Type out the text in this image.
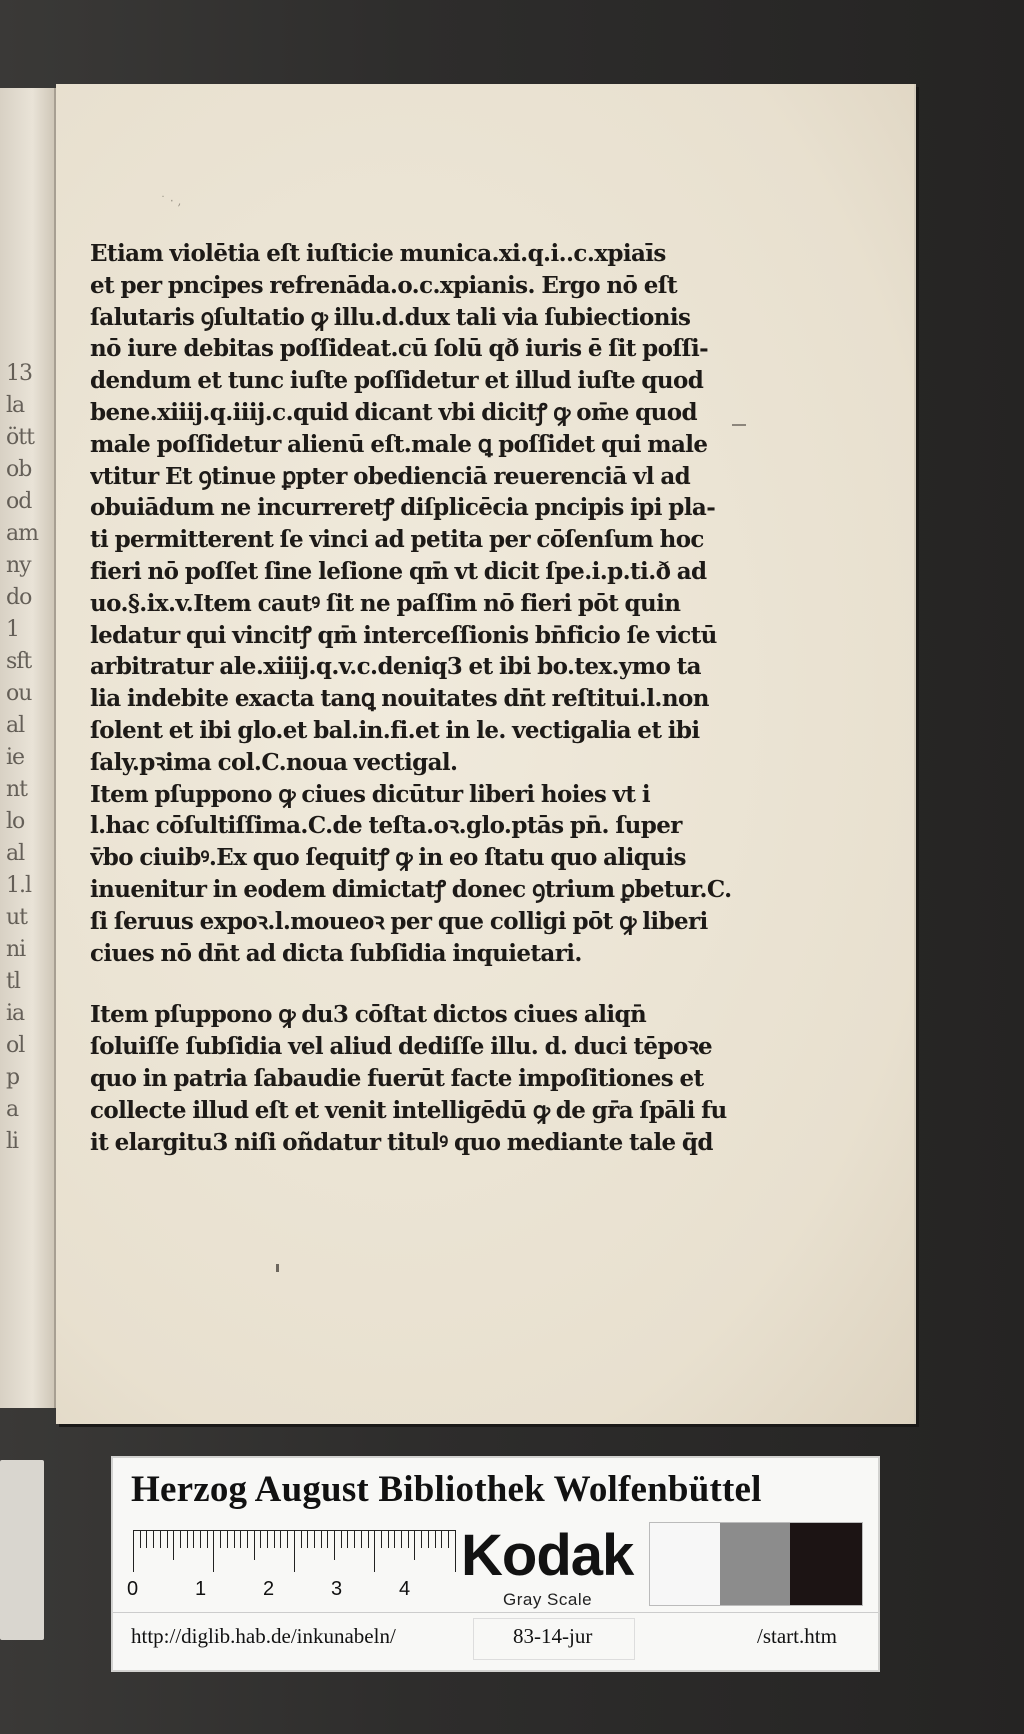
13
la
ött
ob
od
am
ny
do
1
sft
ou
al
ie
nt
lo
al
1.l
ut
ni
tl
ia
ol
p
a
li
˙ ‧ ,
Etiam violētia eſt iuſticie munica.xi.q.i..c.xpiaīs
et per pncipes refrenāda.o.c.xpianis. Ergo nō eſt
ſalutaris ꝯſultatio ꝙ illu.d.dux tali via ſubiectionis
nō iure debitas poſſideat.cū ſolū qð iuris ē ſit poſſi-
dendum et tunc iuſte poſſidetur et illud iuſte quod
bene.xiiij.q.iiij.c.quid dicant vbi dicitꝭ ꝙ om̄e quod
male poſſidetur alienū eſt.male ꝗ poſſidet qui male
vtitur Et ꝯtinue ꝑpter obedienciā reuerenciā vl ad
obuiādum ne incurreretꝭ diſplicēcia pncipis ipi pla-
ti permitterent ſe vinci ad petita per cōſenſum hoc
fieri nō poſſet ſine leſione qm̄ vt dicit ſpe.i.p.ti.ð ad
uo.§.ix.v.Item cautꝰ ſit ne paſſim nō fieri pōt quin
ledatur qui vincitꝭ qm̄ interceſſionis bn̄ficio ſe victū
arbitratur ale.xiiij.q.v.c.deniq3 et ibi bo.tex.ymo ta
lia indebite exacta tanꝗ nouitates dn̄t reſtitui.l.non
ſolent et ibi glo.et bal.in.fi.et in le. vectigalia et ibi
ſaly.pꝛima col.C.noua vectigal.
Item pſuppono ꝙ ciues dicūtur liberi hoies vt i
l.hac cōſultiſſima.C.de teſta.oꝛ.glo.ptās pn̄. ſuper
v̄bo ciuibꝰ.Ex quo ſequitꝭ ꝙ in eo ſtatu quo aliquis
inuenitur in eodem dimictatꝭ donec ꝯtrium ꝑbetur.C.
ſi ſeruus expoꝛ.l.moueoꝛ per que colligi pōt ꝙ liberi
ciues nō dn̄t ad dicta ſubſidia inquietari.
Item pſuppono ꝙ du3 cōſtat dictos ciues aliqn̄
ſoluiſſe ſubſidia vel aliud dediſſe illu. d. duci tēpoꝛe
quo in patria ſabaudie fuerūt facte impoſitiones et
collecte illud eſt et venit intelligēdū ꝙ de gr̄a ſpāli fu
it elargitu3 niſi oñdatur titulꝰ quo mediante tale q̄d
Herzog August Bibliothek Wolfenbüttel
0	1	2	3	4
Kodak
Gray Scale
http://diglib.hab.de/inkunabeln/	83-14-jur	/start.htm
